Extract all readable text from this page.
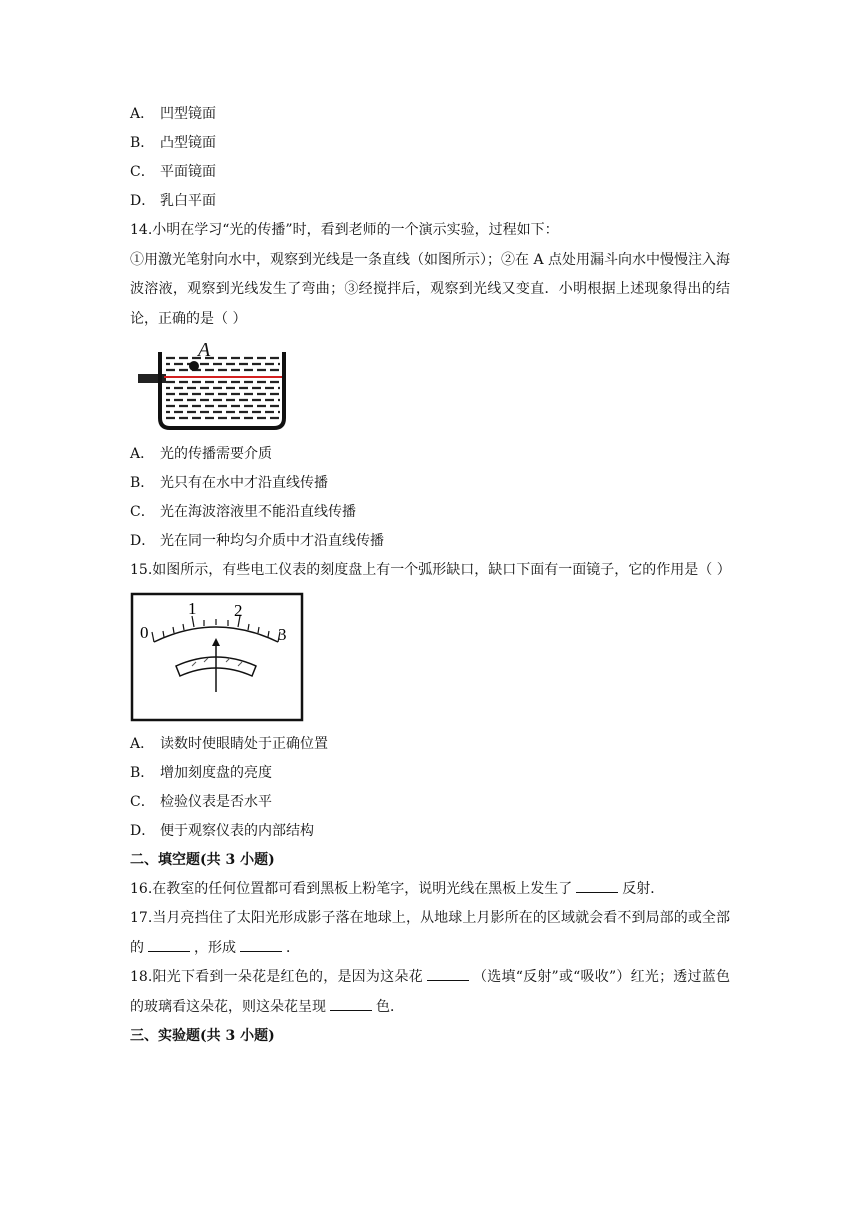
A． 凹型镜面
B． 凸型镜面
C． 平面镜面
D． 乳白平面
14.小明在学习“光的传播”时，看到老师的一个演示实验，过程如下：
①用激光笔射向水中，观察到光线是一条直线（如图所示）；②在 A 点处用漏斗向水中慢慢注入海波溶液，观察到光线发生了弯曲；③经搅拌后，观察到光线又变直．小明根据上述现象得出的结论，正确的是（ ）
A
A． 光的传播需要介质
B． 光只有在水中才沿直线传播
C． 光在海波溶液里不能沿直线传播
D． 光在同一种均匀介质中才沿直线传播
15.如图所示，有些电工仪表的刻度盘上有一个弧形缺口，缺口下面有一面镜子，它的作用是（ ）
0
1 2
3
A． 读数时使眼睛处于正确位置
B． 增加刻度盘的亮度
C． 检验仪表是否水平
D． 便于观察仪表的内部结构
二、填空题(共 3 小题)
16.在教室的任何位置都可看到黑板上粉笔字，说明光线在黑板上发生了	反射．
17.当月亮挡住了太阳光形成影子落在地球上，从地球上月影所在的区域就会看不到局部的或全部的	，形成	．
18.阳光下看到一朵花是红色的，是因为这朵花	（选填“反射”或“吸收”）红光；透过蓝色的玻璃看这朵花，则这朵花呈现	色．
三、实验题(共 3 小题)
